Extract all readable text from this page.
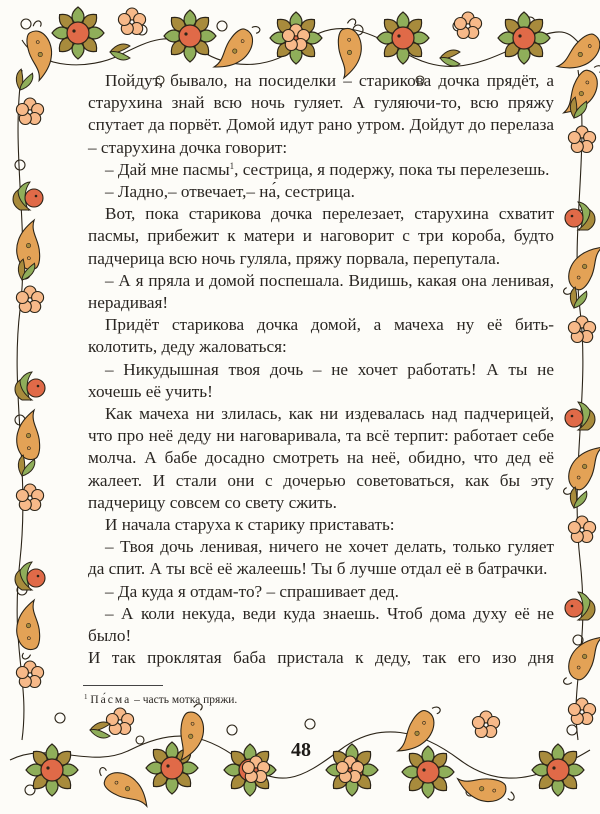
Пойдут, бывало, на посиделки – старикова дочка прядёт, а старухина знай всю ночь гуляет. А гуляючи-то, всю пряжу спутает да порвёт. Домой идут рано утром. Дойдут до перелаза – старухина дочка говорит:

– Дай мне пасмы$^1$, сестрица, я подержу, пока ты перелезешь.

– Ладно,– отвечает,– на́, сестрица.

Вот, пока старикова дочка перелезает, старухина схватит пасмы, прибежит к матери и наговорит с три короба, будто падчерица всю ночь гуляла, пряжу порвала, перепутала.

– А я пряла и домой поспешала. Видишь, какая она ленивая, нерадивая!

Придёт старикова дочка домой, а мачеха ну её бить-колотить, деду жаловаться:

– Никудышная твоя дочь – не хочет работать! А ты не хочешь её учить!

Как мачеха ни злилась, как ни издевалась над падчерицей, что про неё деду ни наговаривала, та всё терпит: работает себе молча. А бабе досадно смотреть на неё, обидно, что дед её жалеет. И стали они с дочерью советоваться, как бы эту падчерицу совсем со свету сжить.

И начала старуха к старику приставать:

– Твоя дочь ленивая, ничего не хочет делать, только гуляет да спит. А ты всё её жалеешь! Ты б лучше отдал её в батрачки.

– Да куда я отдам-то? – спрашивает дед.

– А коли некуда, веди куда знаешь. Чтоб дома духу её не было!

И так проклятая баба пристала к деду, так его изо дня

$^1$ Па́сма – часть мотка пряжи.
48
